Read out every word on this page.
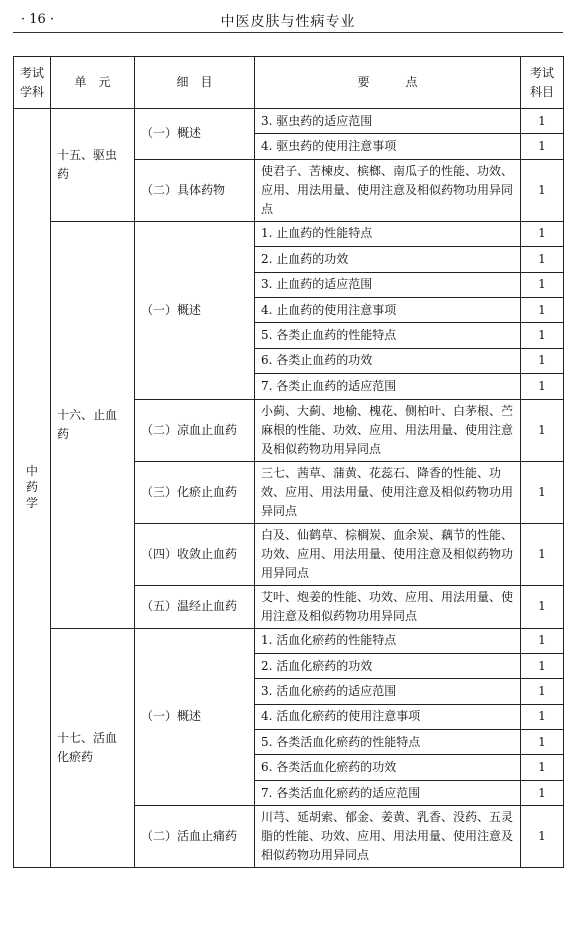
· 16 ·	中医皮肤与性病专业
考试学科	单　元	细　目	要　　　点	考试科目

中药学	十五、驱虫药	（一）概述	3. 驱虫药的适应范围	1
			4. 驱虫药的使用注意事项	1
		（二）具体药物	使君子、苦楝皮、槟榔、南瓜子的性能、功效、应用、用法用量、使用注意及相似药物功用异同点	1
	十六、止血药	（一）概述	1. 止血药的性能特点	1
			2. 止血药的功效	1
			3. 止血药的适应范围	1
			4. 止血药的使用注意事项	1
			5. 各类止血药的性能特点	1
			6. 各类止血药的功效	1
			7. 各类止血药的适应范围	1
		（二）凉血止血药	小蓟、大蓟、地榆、槐花、侧柏叶、白茅根、苎麻根的性能、功效、应用、用法用量、使用注意及相似药物功用异同点	1
		（三）化瘀止血药	三七、茜草、蒲黄、花蕊石、降香的性能、功效、应用、用法用量、使用注意及相似药物功用异同点	1
		（四）收敛止血药	白及、仙鹤草、棕榈炭、血余炭、藕节的性能、功效、应用、用法用量、使用注意及相似药物功用异同点	1
		（五）温经止血药	艾叶、炮姜的性能、功效、应用、用法用量、使用注意及相似药物功用异同点	1
	十七、活血化瘀药	（一）概述	1. 活血化瘀药的性能特点	1
			2. 活血化瘀药的功效	1
			3. 活血化瘀药的适应范围	1
			4. 活血化瘀药的使用注意事项	1
			5. 各类活血化瘀药的性能特点	1
			6. 各类活血化瘀药的功效	1
			7. 各类活血化瘀药的适应范围	1
		（二）活血止痛药	川芎、延胡索、郁金、姜黄、乳香、没药、五灵脂的性能、功效、应用、用法用量、使用注意及相似药物功用异同点	1
